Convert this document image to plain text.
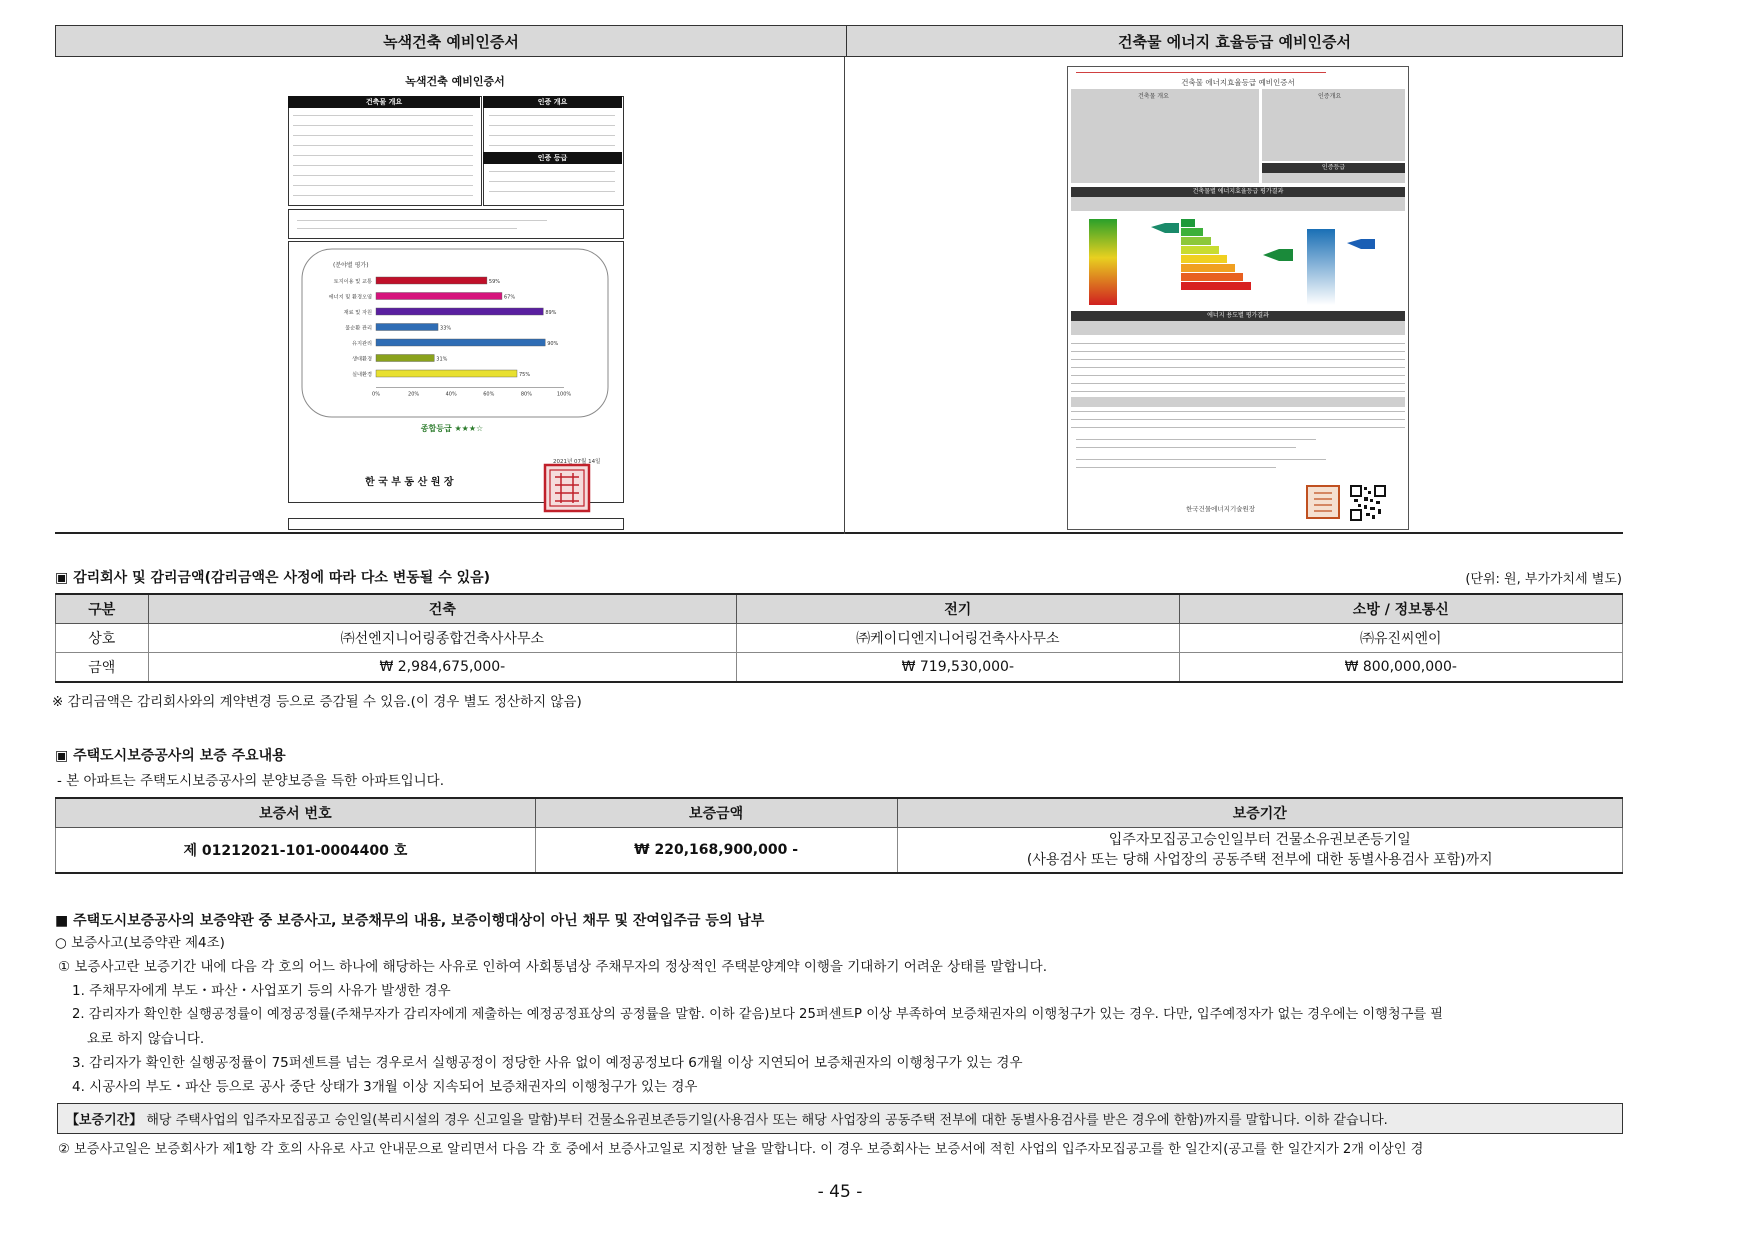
녹색건축 예비인증서	건축물 에너지 효율등급 예비인증서
녹색건축 예비인증서
건축물 개요	인증 개요
인증 등급
(분야별 평가)
토지이용 및 교통	59%
에너지 및 환경오염	67%
재료 및 자원	89%
물순환 관리	33%
유지관리	90%
생태환경	31%
실내환경	75%
0%	20%	40%	60%	80%	100%
종합등급 ★★★☆
2021년 07월 14일
한 국 부 동 산 원 장
건축물 에너지효율등급 예비인증서
건축물 개요	인증개요
인증등급
건축물별 에너지효율등급 평가결과
에너지 용도별 평가결과
한국건물에너지기술원장
▣ 감리회사 및 감리금액(감리금액은 사정에 따라 다소 변동될 수 있음)	(단위: 원, 부가가치세 별도)
구분	건축	전기	소방 / 정보통신
상호	㈜선엔지니어링종합건축사사무소	㈜케이디엔지니어링건축사사무소	㈜유진씨엔이
금액	₩ 2,984,675,000-	₩ 719,530,000-	₩ 800,000,000-
※ 감리금액은 감리회사와의 계약변경 등으로 증감될 수 있음.(이 경우 별도 정산하지 않음)
▣ 주택도시보증공사의 보증 주요내용
- 본 아파트는 주택도시보증공사의 분양보증을 득한 아파트입니다.
보증서 번호	보증금액	보증기간
제 01212021-101-0004400 호	₩ 220,168,900,000 -	입주자모집공고승인일부터 건물소유권보존등기일
(사용검사 또는 당해 사업장의 공동주택 전부에 대한 동별사용검사 포함)까지
■ 주택도시보증공사의 보증약관 중 보증사고, 보증채무의 내용, 보증이행대상이 아닌 채무 및 잔여입주금 등의 납부
○ 보증사고(보증약관 제4조)
① 보증사고란 보증기간 내에 다음 각 호의 어느 하나에 해당하는 사유로 인하여 사회통념상 주채무자의 정상적인 주택분양계약 이행을 기대하기 어려운 상태를 말합니다.
1. 주채무자에게 부도・파산・사업포기 등의 사유가 발생한 경우
2. 감리자가 확인한 실행공정률이 예정공정률(주채무자가 감리자에게 제출하는 예정공정표상의 공정률을 말함. 이하 같음)보다 25퍼센트P 이상 부족하여 보증채권자의 이행청구가 있는 경우. 다만, 입주예정자가 없는 경우에는 이행청구를 필
요로 하지 않습니다.
3. 감리자가 확인한 실행공정률이 75퍼센트를 넘는 경우로서 실행공정이 정당한 사유 없이 예정공정보다 6개월 이상 지연되어 보증채권자의 이행청구가 있는 경우
4. 시공사의 부도・파산 등으로 공사 중단 상태가 3개월 이상 지속되어 보증채권자의 이행청구가 있는 경우
【보증기간】
해당 주택사업의 입주자모집공고 승인일(복리시설의 경우 신고일을 말함)부터 건물소유권보존등기일(사용검사 또는 해당 사업장의 공동주택 전부에 대한 동별사용검사를 받은 경우에 한함)까지를 말합니다. 이하 같습니다.
② 보증사고일은 보증회사가 제1항 각 호의 사유로 사고 안내문으로 알리면서 다음 각 호 중에서 보증사고일로 지정한 날을 말합니다. 이 경우 보증회사는 보증서에 적힌 사업의 입주자모집공고를 한 일간지(공고를 한 일간지가 2개 이상인 경
- 45 -
